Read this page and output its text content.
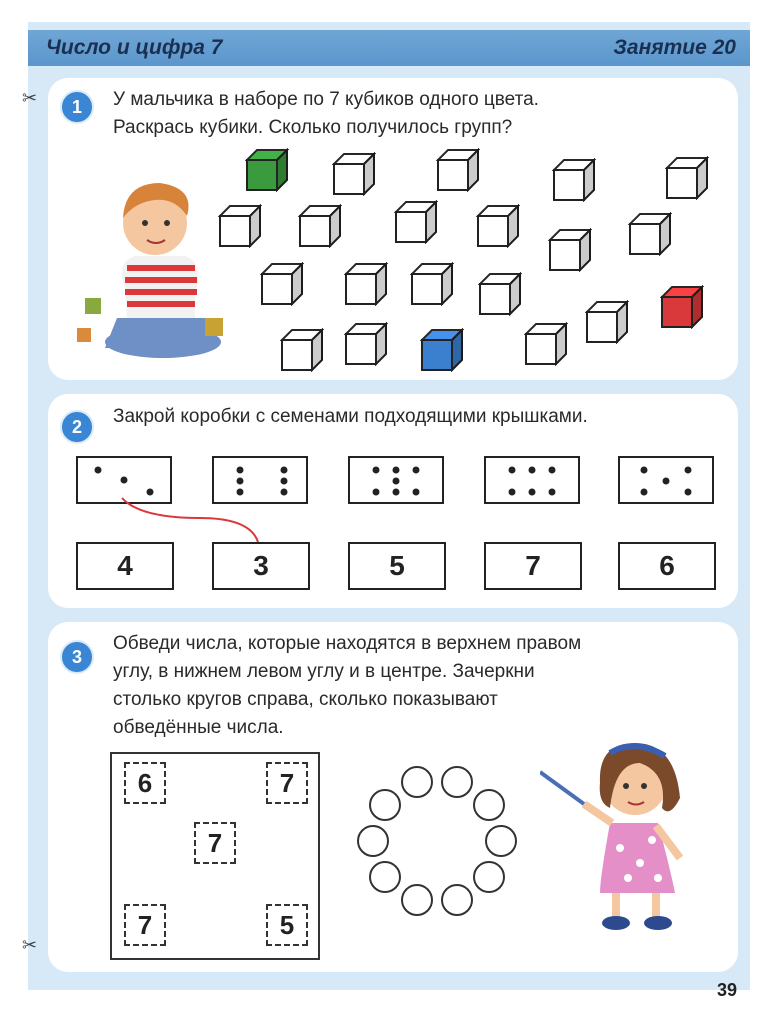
Число и цифра 7	Занятие 20
✂
✂
1	У мальчика в наборе по 7 кубиков одного цвета.
Раскрась кубики. Сколько получилось групп?
2	Закрой коробки с семенами подходящими крышками.
4	3	5	7	6
3
Обведи числа, которые находятся в верхнем правом
углу, в нижнем левом углу и в центре. Зачеркни
столько кругов справа, сколько показывают
обведённые числа.
6	7
7
7	5
39
